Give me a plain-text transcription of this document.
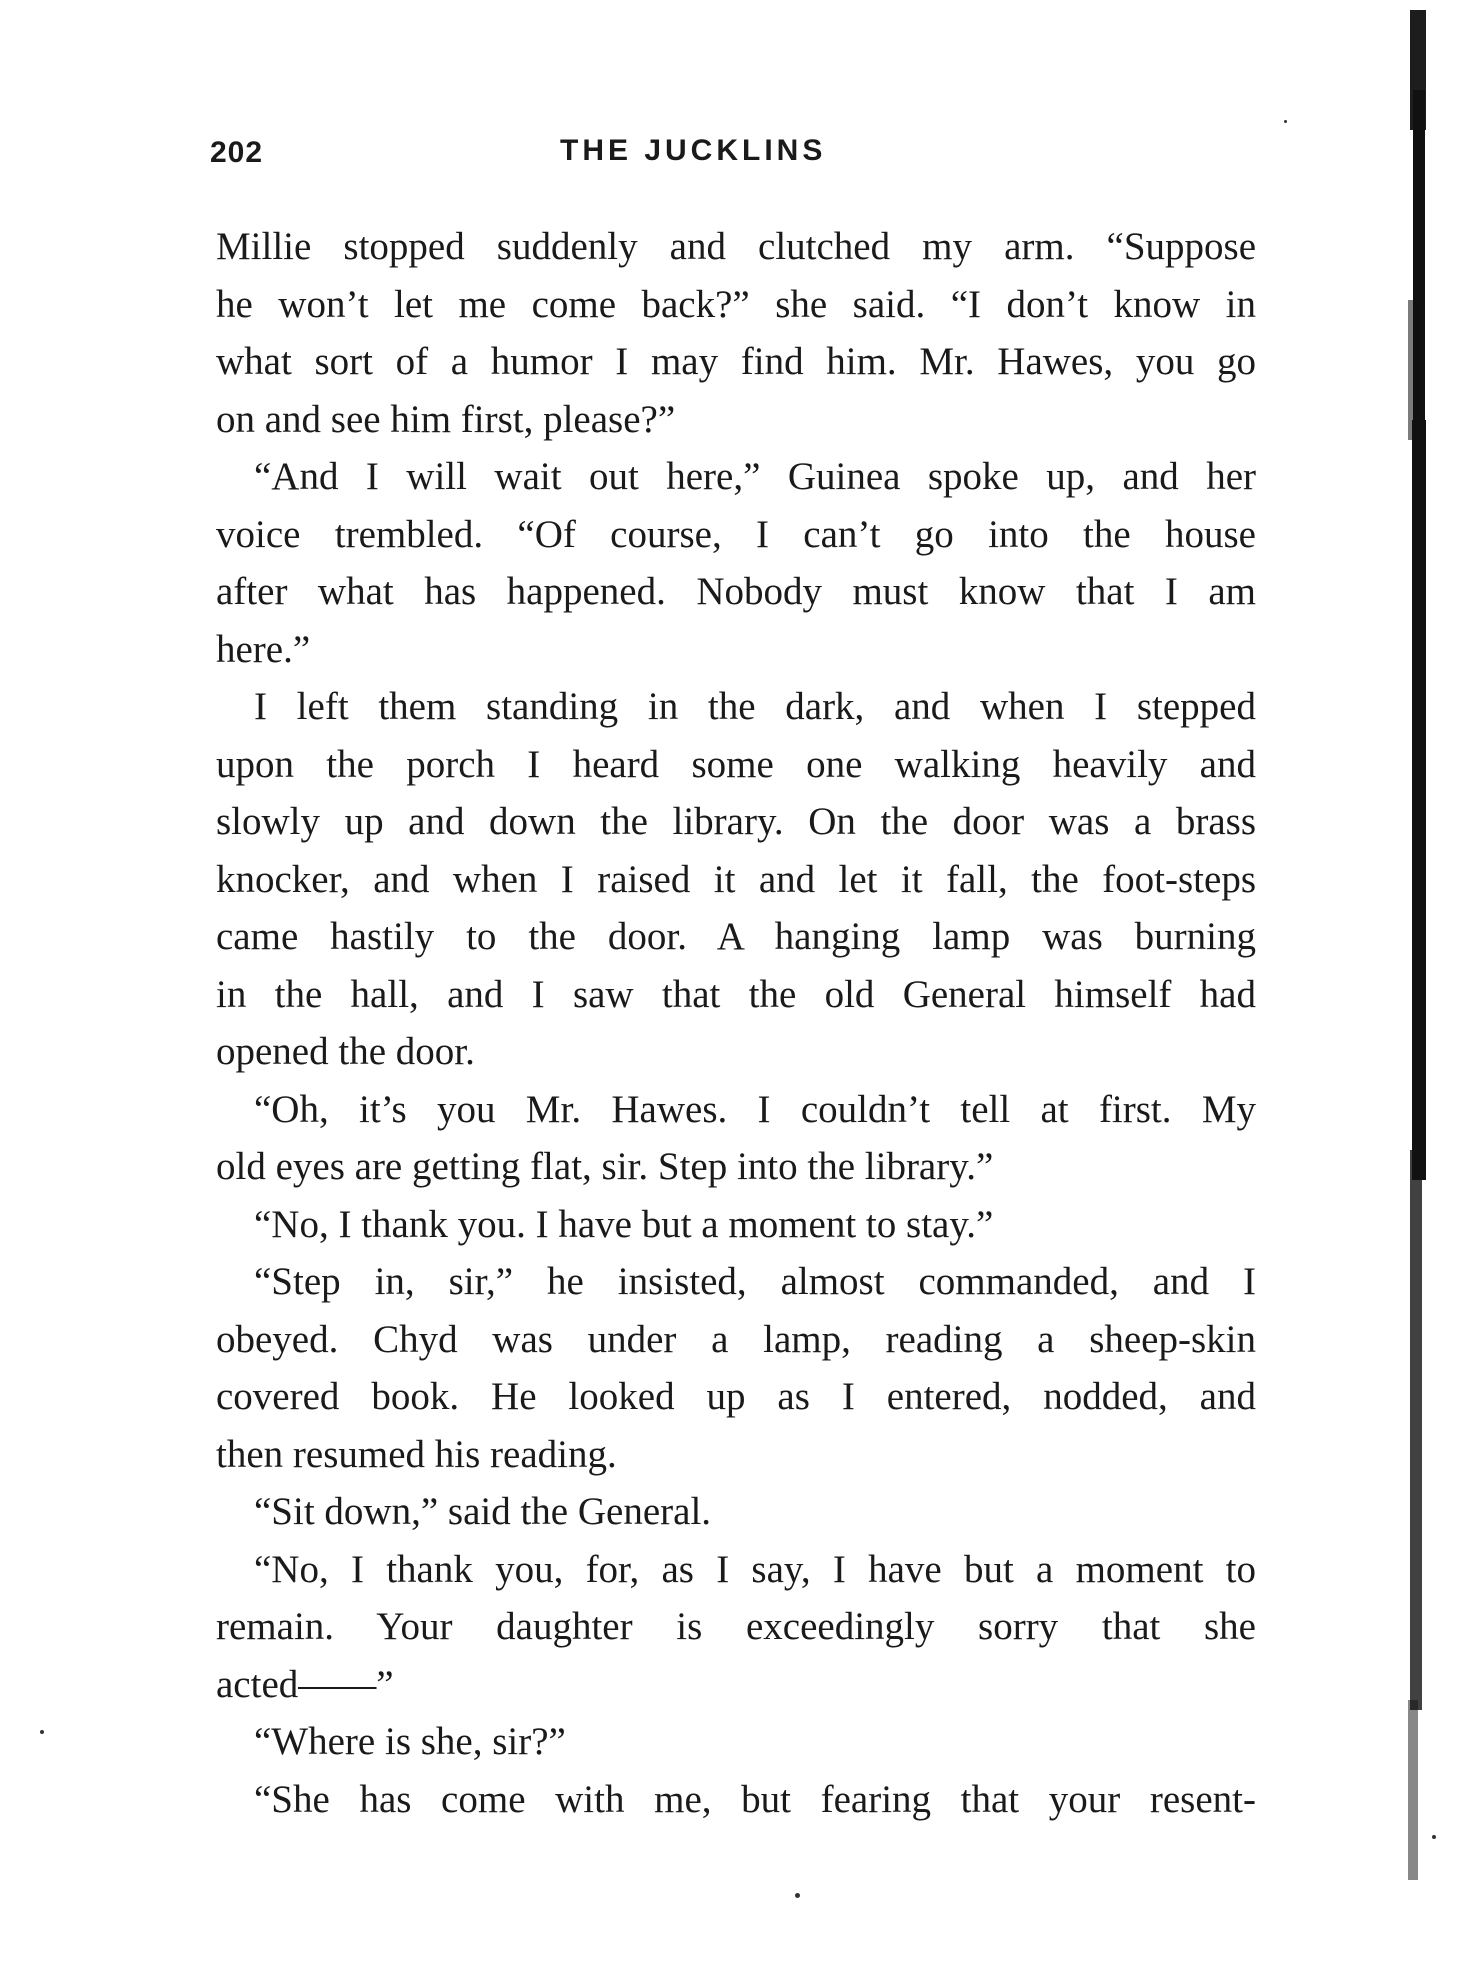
202	THE JUCKLINS
Millie stopped suddenly and clutched my arm. “Suppose
he won’t let me come back?” she said. “I don’t know in
what sort of a humor I may find him. Mr. Hawes, you go
on and see him first, please?”
“And I will wait out here,” Guinea spoke up, and her
voice trembled. “Of course, I can’t go into the house
after what has happened. Nobody must know that I am
here.”
I left them standing in the dark, and when I stepped
upon the porch I heard some one walking heavily and
slowly up and down the library. On the door was a brass
knocker, and when I raised it and let it fall, the foot-steps
came hastily to the door. A hanging lamp was burning
in the hall, and I saw that the old General himself had
opened the door.
“Oh, it’s you Mr. Hawes. I couldn’t tell at first. My
old eyes are getting flat, sir. Step into the library.”
“No, I thank you. I have but a moment to stay.”
“Step in, sir,” he insisted, almost commanded, and I
obeyed. Chyd was under a lamp, reading a sheep-skin
covered book. He looked up as I entered, nodded, and
then resumed his reading.
“Sit down,” said the General.
“No, I thank you, for, as I say, I have but a moment to
remain. Your daughter is exceedingly sorry that she
acted——”
“Where is she, sir?”
“She has come with me, but fearing that your resent-
